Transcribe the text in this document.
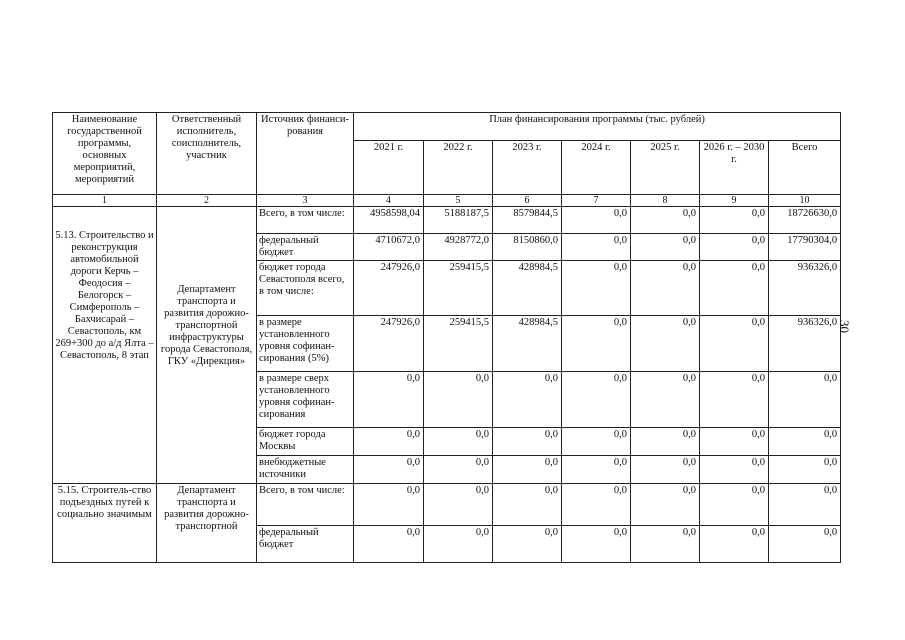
Наименование государственной программы, основных мероприятий, мероприятий	Ответственный исполнитель, соисполнитель, участник	Источник финанси-рования	План финансирования программы (тыс. рублей)						
			2021 г.	2022 г.	2023 г.	2024 г.	2025 г.	2026 г. – 2030 г.	Всего
1	2	3	4	5	6	7	8	9	10
5.13. Строительство и реконструкция автомобильной дороги Керчь – Феодосия – Белогорск – Симферополь – Бахчисарай – Севастополь, км 269+300 до а/д Ялта – Севастополь, 8 этап	Департамент транспорта и развития дорожно-транспортной инфраструктуры города Севастополя, ГКУ «Дирекция»	Всего, в том числе:	4958598,04	5188187,5	8579844,5	0,0	0,0	0,0	18726630,0
		федеральный бюджет	4710672,0	4928772,0	8150860,0	0,0	0,0	0,0	17790304,0
		бюджет города Севастополя всего, в том числе:	247926,0	259415,5	428984,5	0,0	0,0	0,0	936326,0
		в размере установленного уровня софинан-сирования (5%)	247926,0	259415,5	428984,5	0,0	0,0	0,0	936326,0
		в размере сверх установленного уровня софинан-сирования	0,0	0,0	0,0	0,0	0,0	0,0	0,0
		бюджет города Москвы	0,0	0,0	0,0	0,0	0,0	0,0	0,0
		внебюджетные источники	0,0	0,0	0,0	0,0	0,0	0,0	0,0
5.15. Строитель-ство подъездных путей к социально значимым	Департамент транспорта и развития дорожно-транспортной	Всего, в том числе:	0,0	0,0	0,0	0,0	0,0	0,0	0,0
		федеральный бюджет	0,0	0,0	0,0	0,0	0,0	0,0	0,0
30
